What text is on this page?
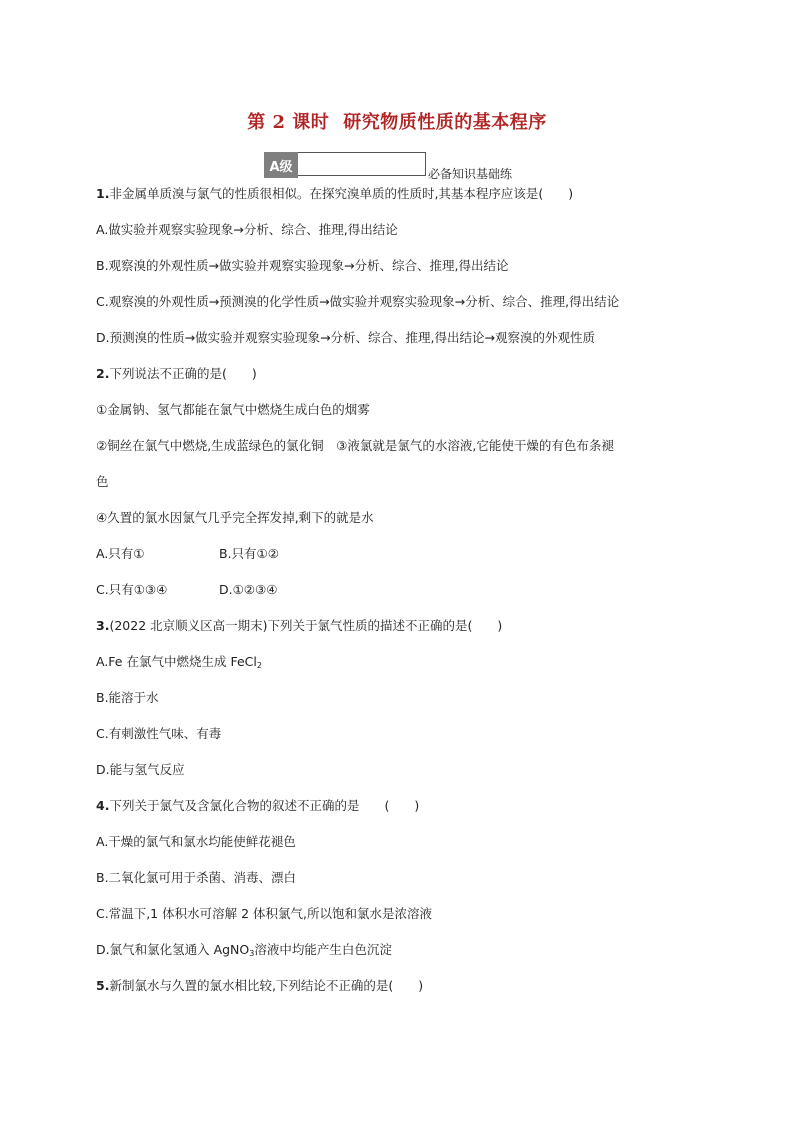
第 2 课时 研究物质性质的基本程序
A级	必备知识基础练
1.非金属单质溴与氯气的性质很相似。在探究溴单质的性质时,其基本程序应该是(　　)
A.做实验并观察实验现象→分析、综合、推理,得出结论
B.观察溴的外观性质→做实验并观察实验现象→分析、综合、推理,得出结论
C.观察溴的外观性质→预测溴的化学性质→做实验并观察实验现象→分析、综合、推理,得出结论
D.预测溴的性质→做实验并观察实验现象→分析、综合、推理,得出结论→观察溴的外观性质
2.下列说法不正确的是(　　)
①金属钠、氢气都能在氯气中燃烧生成白色的烟雾
②铜丝在氯气中燃烧,生成蓝绿色的氯化铜　③液氯就是氯气的水溶液,它能使干燥的有色布条褪
色
④久置的氯水因氯气几乎完全挥发掉,剩下的就是水
A.只有①	B.只有①②
C.只有①③④	D.①②③④
3.(2022 北京顺义区高一期末)下列关于氯气性质的描述不正确的是(　　)
A.Fe 在氯气中燃烧生成 FeCl$_2$
B.能溶于水
C.有刺激性气味、有毒
D.能与氢气反应
4.下列关于氯气及含氯化合物的叙述不正确的是　　(　　)
A.干燥的氯气和氯水均能使鲜花褪色
B.二氧化氯可用于杀菌、消毒、漂白
C.常温下,1 体积水可溶解 2 体积氯气,所以饱和氯水是浓溶液
D.氯气和氯化氢通入 AgNO$_3$溶液中均能产生白色沉淀
5.新制氯水与久置的氯水相比较,下列结论不正确的是(　　)
